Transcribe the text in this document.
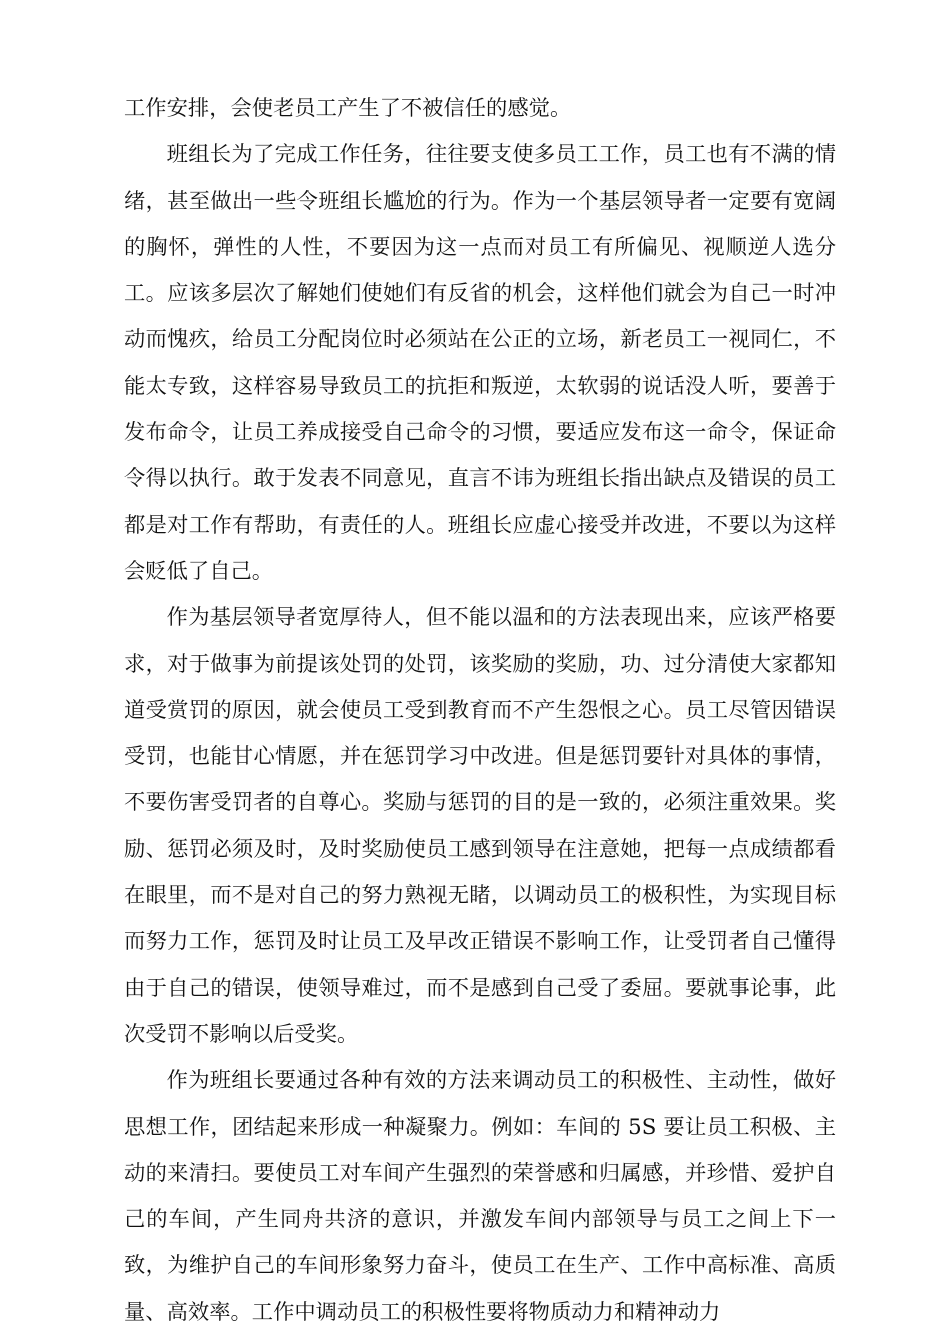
工作安排，会使老员工产生了不被信任的感觉。

班组长为了完成工作任务，往往要支使多员工工作，员工也有不满的情绪，甚至做出一些令班组长尴尬的行为。作为一个基层领导者一定要有宽阔的胸怀，弹性的人性，不要因为这一点而对员工有所偏见、视顺逆人选分工。应该多层次了解她们使她们有反省的机会，这样他们就会为自己一时冲动而愧疚，给员工分配岗位时必须站在公正的立场，新老员工一视同仁，不能太专致，这样容易导致员工的抗拒和叛逆，太软弱的说话没人听，要善于发布命令，让员工养成接受自己命令的习惯，要适应发布这一命令，保证命令得以执行。敢于发表不同意见，直言不讳为班组长指出缺点及错误的员工都是对工作有帮助，有责任的人。班组长应虚心接受并改进，不要以为这样会贬低了自己。

作为基层领导者宽厚待人，但不能以温和的方法表现出来，应该严格要求，对于做事为前提该处罚的处罚，该奖励的奖励，功、过分清使大家都知道受赏罚的原因，就会使员工受到教育而不产生怨恨之心。员工尽管因错误受罚，也能甘心情愿，并在惩罚学习中改进。但是惩罚要针对具体的事情，不要伤害受罚者的自尊心。奖励与惩罚的目的是一致的，必须注重效果。奖励、惩罚必须及时，及时奖励使员工感到领导在注意她，把每一点成绩都看在眼里，而不是对自己的努力熟视无睹，以调动员工的极积性，为实现目标而努力工作，惩罚及时让员工及早改正错误不影响工作，让受罚者自己懂得由于自己的错误，使领导难过，而不是感到自己受了委屈。要就事论事，此次受罚不影响以后受奖。

作为班组长要通过各种有效的方法来调动员工的积极性、主动性，做好思想工作，团结起来形成一种凝聚力。例如：车间的 5S 要让员工积极、主动的来清扫。要使员工对车间产生强烈的荣誉感和归属感，并珍惜、爱护自己的车间，产生同舟共济的意识，并激发车间内部领导与员工之间上下一致，为维护自己的车间形象努力奋斗，使员工在生产、工作中高标准、高质量、高效率。工作中调动员工的积极性要将物质动力和精神动力
